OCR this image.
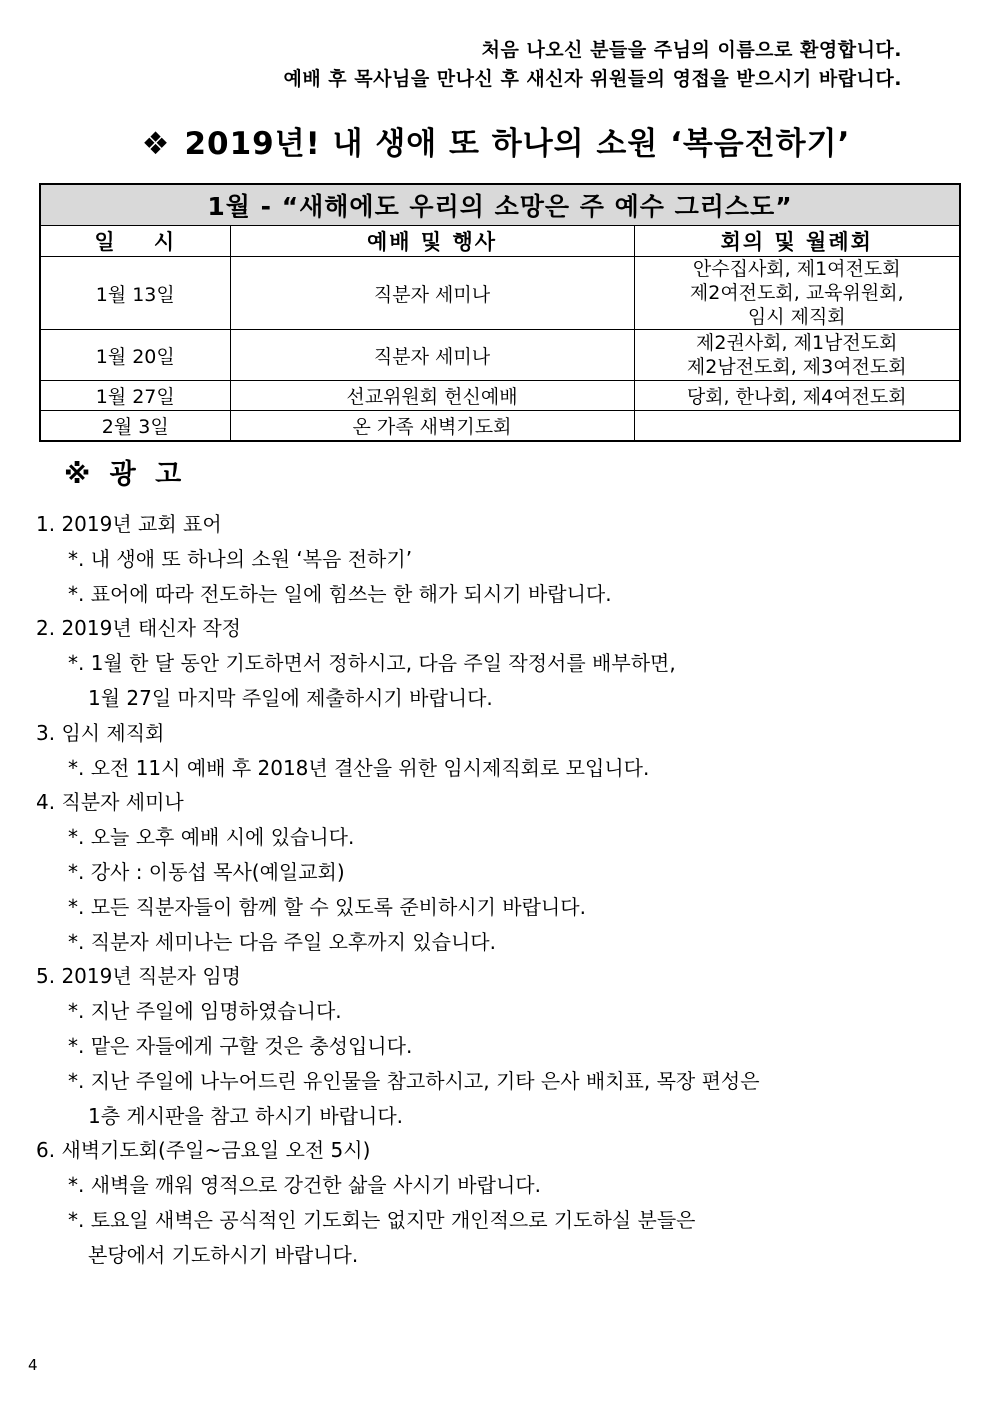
처음 나오신 분들을 주님의 이름으로 환영합니다.
예배 후 목사님을 만나신 후 새신자 위원들의 영접을 받으시기 바랍니다.
❖ 2019년! 내 생애 또 하나의 소원 ‘복음전하기’
1월 - “새해에도 우리의 소망은 주 예수 그리스도”		
일    시	예배 및 행사	회의 및 월례회
1월 13일	직분자 세미나	안수집사회, 제1여전도회
제2여전도회, 교육위원회,
임시 제직회

1월 20일	직분자 세미나	제2권사회, 제1남전도회
제2남전도회, 제3여전도회

1월 27일	선교위원회 헌신예배	당회, 한나회, 제4여전도회
2월 3일	온 가족 새벽기도회	
※ 광 고
1. 2019년 교회 표어
*. 내 생애 또 하나의 소원 ‘복음 전하기’
*. 표어에 따라 전도하는 일에 힘쓰는 한 해가 되시기 바랍니다.
2. 2019년 태신자 작정
*. 1월 한 달 동안 기도하면서 정하시고, 다음 주일 작정서를 배부하면,
1월 27일 마지막 주일에 제출하시기 바랍니다.
3. 임시 제직회
*. 오전 11시 예배 후 2018년 결산을 위한 임시제직회로 모입니다.
4. 직분자 세미나
*. 오늘 오후 예배 시에 있습니다.
*. 강사 : 이동섭 목사(예일교회)
*. 모든 직분자들이 함께 할 수 있도록 준비하시기 바랍니다.
*. 직분자 세미나는 다음 주일 오후까지 있습니다.
5. 2019년 직분자 임명
*. 지난 주일에 임명하였습니다.
*. 맡은 자들에게 구할 것은 충성입니다.
*. 지난 주일에 나누어드린 유인물을 참고하시고, 기타 은사 배치표, 목장 편성은
1층 게시판을 참고 하시기 바랍니다.
6. 새벽기도회(주일~금요일 오전 5시)
*. 새벽을 깨워 영적으로 강건한 삶을 사시기 바랍니다.
*. 토요일 새벽은 공식적인 기도회는 없지만 개인적으로 기도하실 분들은
본당에서 기도하시기 바랍니다.
4
